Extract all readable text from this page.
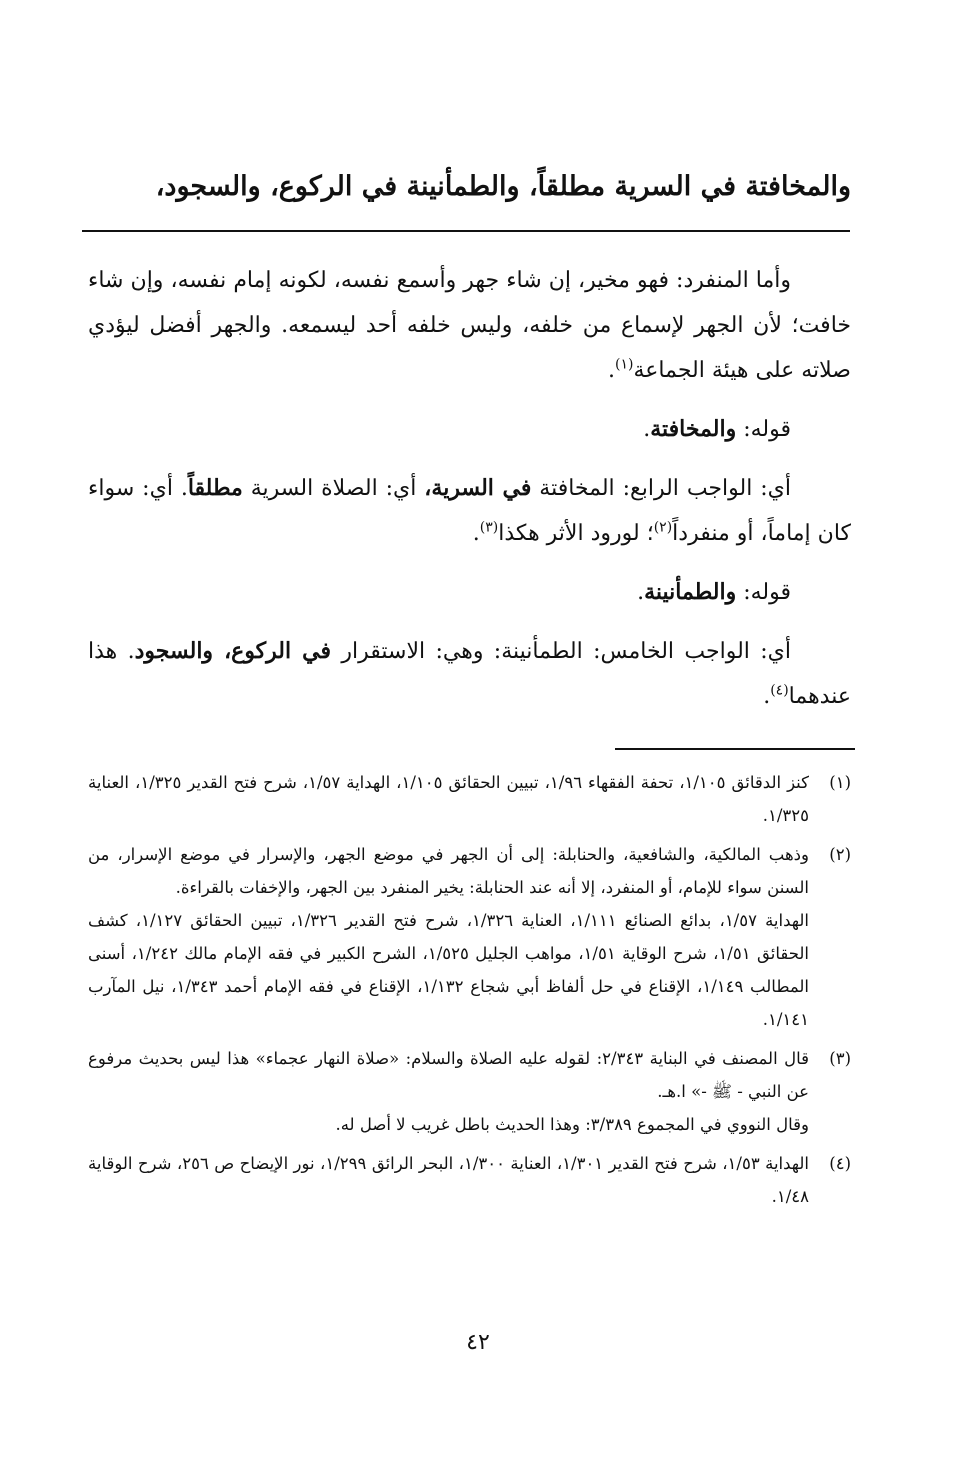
والمخافتة في السرية مطلقاً، والطمأنينة في الركوع، والسجود،

وأما المنفرد: فهو مخير، إن شاء جهر وأسمع نفسه، لكونه إمام نفسه، وإن شاء خافت؛ لأن الجهر لإسماع من خلفه، وليس خلفه أحد ليسمعه. والجهر أفضل ليؤدي صلاته على هيئة الجماعة$^{(١)}$.

قوله: والمخافتة.

أي: الواجب الرابع: المخافتة في السرية، أي: الصلاة السرية مطلقاً. أي: سواء كان إماماً، أو منفرداً$^{(٢)}$؛ لورود الأثر هكذا$^{(٣)}$.

قوله: والطمأنينة.

أي: الواجب الخامس: الطمأنينة: وهي: الاستقرار في الركوع، والسجود. هذا عندهما$^{(٤)}$.

(١)

كنز الدقائق ١/١٠٥، تحفة الفقهاء ١/٩٦، تبيين الحقائق ١/١٠٥، الهداية ١/٥٧، شرح فتح القدير ١/٣٢٥، العناية ١/٣٢٥.

(٢)

وذهب المالكية، والشافعية، والحنابلة: إلى أن الجهر في موضع الجهر، والإسرار في موضع الإسرار، من السنن سواء للإمام، أو المنفرد، إلا أنه عند الحنابلة: يخير المنفرد بين الجهر، والإخفات بالقراءة.

الهداية ١/٥٧، بدائع الصنائع ١/١١١، العناية ١/٣٢٦، شرح فتح القدير ١/٣٢٦، تبيين الحقائق ١/١٢٧، كشف الحقائق ١/٥١، شرح الوقاية ١/٥١، مواهب الجليل ١/٥٢٥، الشرح الكبير في فقه الإمام مالك ١/٢٤٢، أسنى المطالب ١/١٤٩، الإقناع في حل ألفاظ أبي شجاع ١/١٣٢، الإقناع في فقه الإمام أحمد ١/٣٤٣، نيل المآرب ١/١٤١.

(٣)

قال المصنف في البناية ٢/٣٤٣: لقوله عليه الصلاة والسلام: «صلاة النهار عجماء» هذا ليس بحديث مرفوع عن النبي - ﷺ -» ا.هـ.

وقال النووي في المجموع ٣/٣٨٩: وهذا الحديث باطل غريب لا أصل له.

(٤)

الهداية ١/٥٣، شرح فتح القدير ١/٣٠١، العناية ١/٣٠٠، البحر الرائق ١/٢٩٩، نور الإيضاح ص ٢٥٦، شرح الوقاية ١/٤٨.

٤٢
